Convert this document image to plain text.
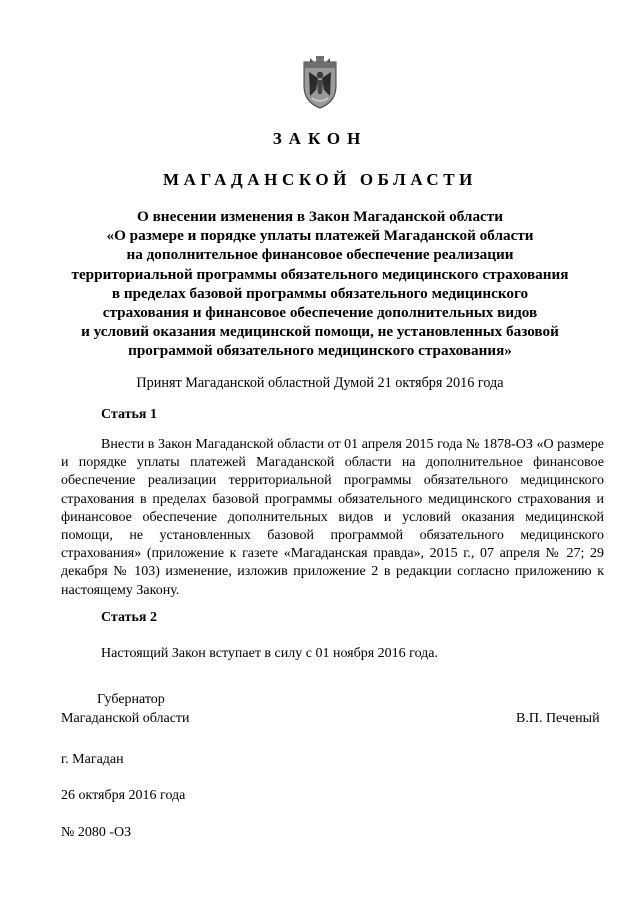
ЗАКОН
МАГАДАНСКОЙ ОБЛАСТИ
О внесении изменения в Закон Магаданской области
«О размере и порядке уплаты платежей Магаданской области
на дополнительное финансовое обеспечение реализации
территориальной программы обязательного медицинского страхования
в пределах базовой программы обязательного медицинского
страхования и финансовое обеспечение дополнительных видов
и условий оказания медицинской помощи, не установленных базовой
программой обязательного медицинского страхования»
Принят Магаданской областной Думой 21 октября 2016 года
Статья 1
Внести в Закон Магаданской области от 01 апреля 2015 года № 1878-ОЗ «О размере и порядке уплаты платежей Магаданской области на дополнительное финансовое обеспечение реализации территориальной программы обязательного медицинского страхования в пределах базовой программы обязательного медицинского страхования и финансовое обеспечение дополнительных видов и условий оказания медицинской помощи, не установленных базовой программой обязательного медицинского страхования» (приложение к газете «Магаданская правда», 2015 г., 07 апреля № 27; 29 декабря № 103) изменение, изложив приложение 2 в редакции согласно приложению к настоящему Закону.
Статья 2
Настоящий Закон вступает в силу с 01 ноября 2016 года.
Губернатор
Магаданской области	В.П. Печеный
г. Магадан
26 октября 2016 года
№ 2080 -ОЗ
